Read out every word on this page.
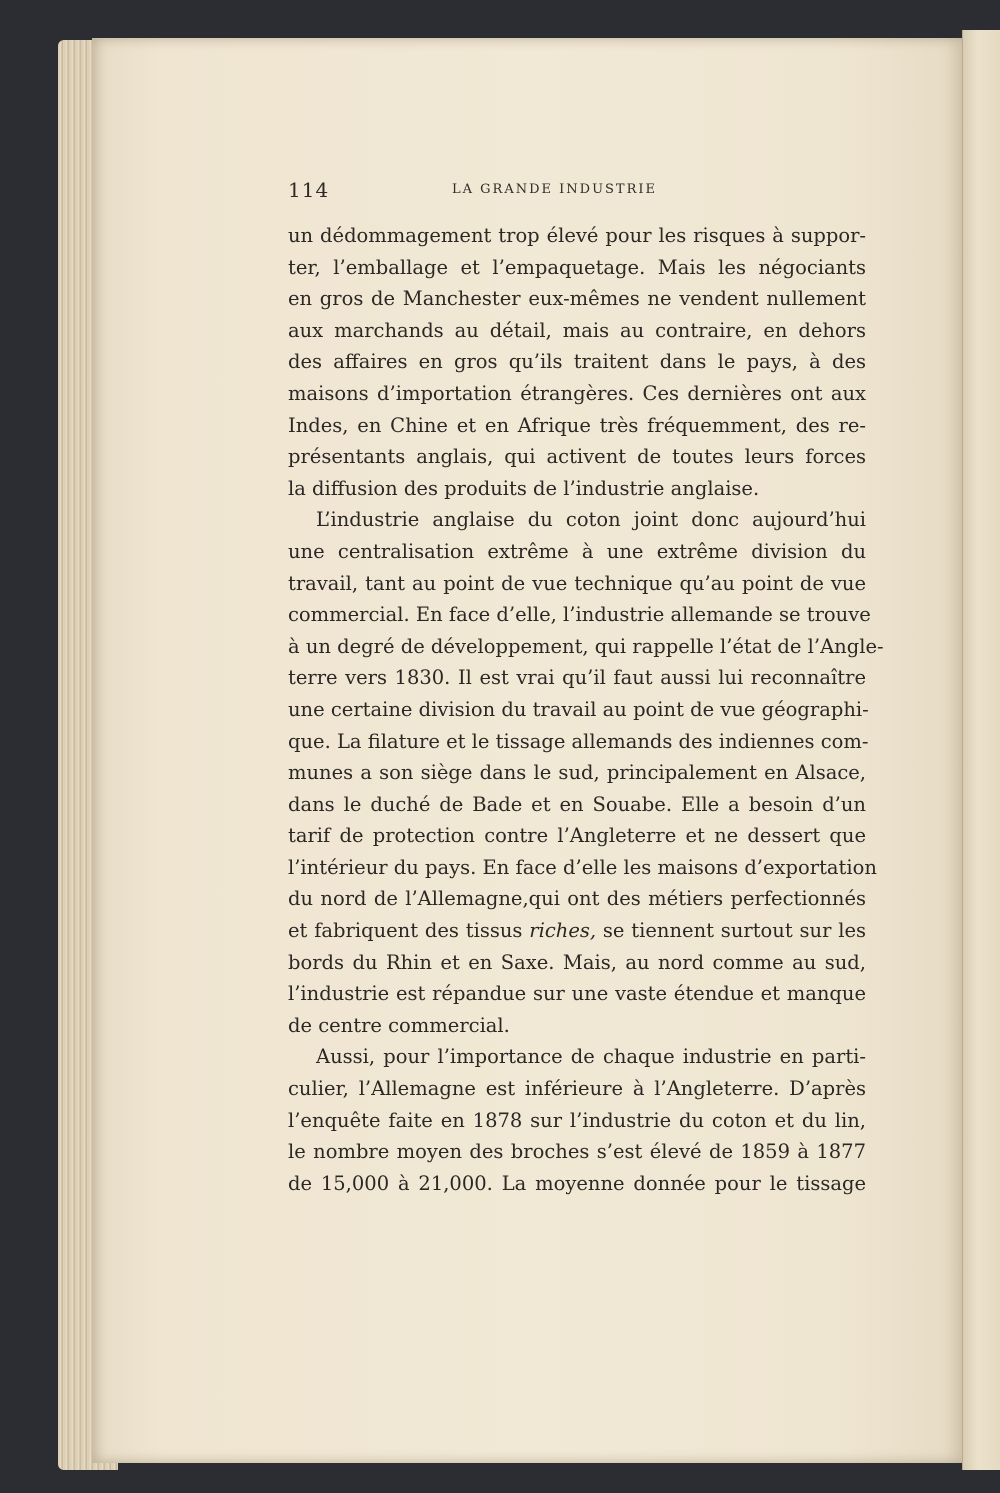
114	LA GRANDE INDUSTRIE
un dédommagement trop élevé pour les risques à suppor-
ter, l’emballage et l’empaquetage. Mais les négociants
en gros de Manchester eux-mêmes ne vendent nullement
aux marchands au détail, mais au contraire, en dehors
des affaires en gros qu’ils traitent dans le pays, à des
maisons d’importation étrangères. Ces dernières ont aux
Indes, en Chine et en Afrique très fréquemment, des re-
présentants anglais, qui activent de toutes leurs forces
la diffusion des produits de l’industrie anglaise.
L’industrie anglaise du coton joint donc aujourd’hui
une centralisation extrême à une extrême division du
travail, tant au point de vue technique qu’au point de vue
commercial. En face d’elle, l’industrie allemande se trouve
à un degré de développement, qui rappelle l’état de l’Angle-
terre vers 1830. Il est vrai qu’il faut aussi lui reconnaître
une certaine division du travail au point de vue géographi-
que. La filature et le tissage allemands des indiennes com-
munes a son siège dans le sud, principalement en Alsace,
dans le duché de Bade et en Souabe. Elle a besoin d’un
tarif de protection contre l’Angleterre et ne dessert que
l’intérieur du pays. En face d’elle les maisons d’exportation
du nord de l’Allemagne,qui ont des métiers perfectionnés
et fabriquent des tissus riches, se tiennent surtout sur les
bords du Rhin et en Saxe. Mais, au nord comme au sud,
l’industrie est répandue sur une vaste étendue et manque
de centre commercial.
Aussi, pour l’importance de chaque industrie en parti-
culier, l’Allemagne est inférieure à l’Angleterre. D’après
l’enquête faite en 1878 sur l’industrie du coton et du lin,
le nombre moyen des broches s’est élevé de 1859 à 1877
de 15,000 à 21,000. La moyenne donnée pour le tissage
